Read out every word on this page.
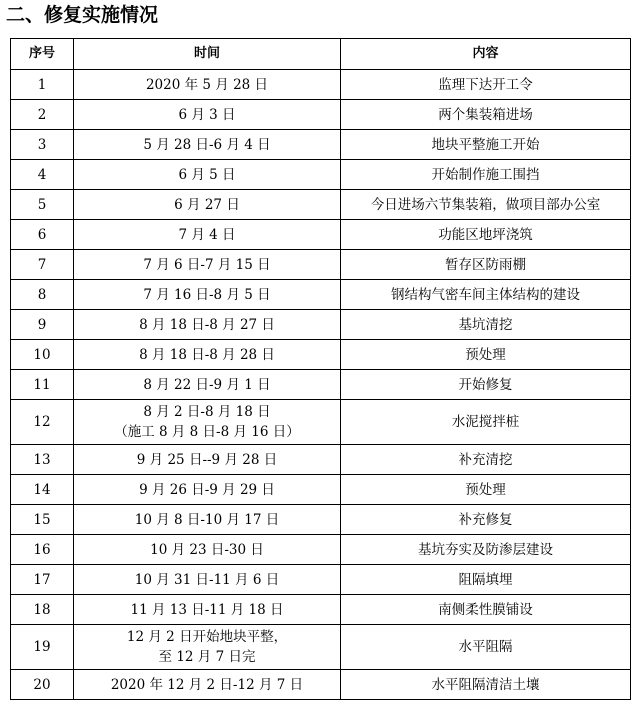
二、修复实施情况
序号	时间	内容
1	2020 年 5 月 28 日	监理下达开工令
2	6 月 3 日	两个集装箱进场
3	5 月 28 日-6 月 4 日	地块平整施工开始
4	6 月 5 日	开始制作施工围挡
5	6 月 27 日	今日进场六节集装箱，做项目部办公室
6	7 月 4 日	功能区地坪浇筑
7	7 月 6 日-7 月 15 日	暂存区防雨棚
8	7 月 16 日-8 月 5 日	钢结构气密车间主体结构的建设
9	8 月 18 日-8 月 27 日	基坑清挖
10	8 月 18 日-8 月 28 日	预处理
11	8 月 22 日-9 月 1 日	开始修复
12	8 月 2 日-8 月 18 日
（施工 8 月 8 日-8 月 16 日）	水泥搅拌桩
13	9 月 25 日--9 月 28 日	补充清挖
14	9 月 26 日-9 月 29 日	预处理
15	10 月 8 日-10 月 17 日	补充修复
16	10 月 23 日-30 日	基坑夯实及防渗层建设
17	10 月 31 日-11 月 6 日	阻隔填埋
18	11 月 13 日-11 月 18 日	南侧柔性膜铺设
19	12 月 2 日开始地块平整，
至 12 月 7 日完	水平阻隔
20	2020 年 12 月 2 日-12 月 7 日	水平阻隔清洁土壤
